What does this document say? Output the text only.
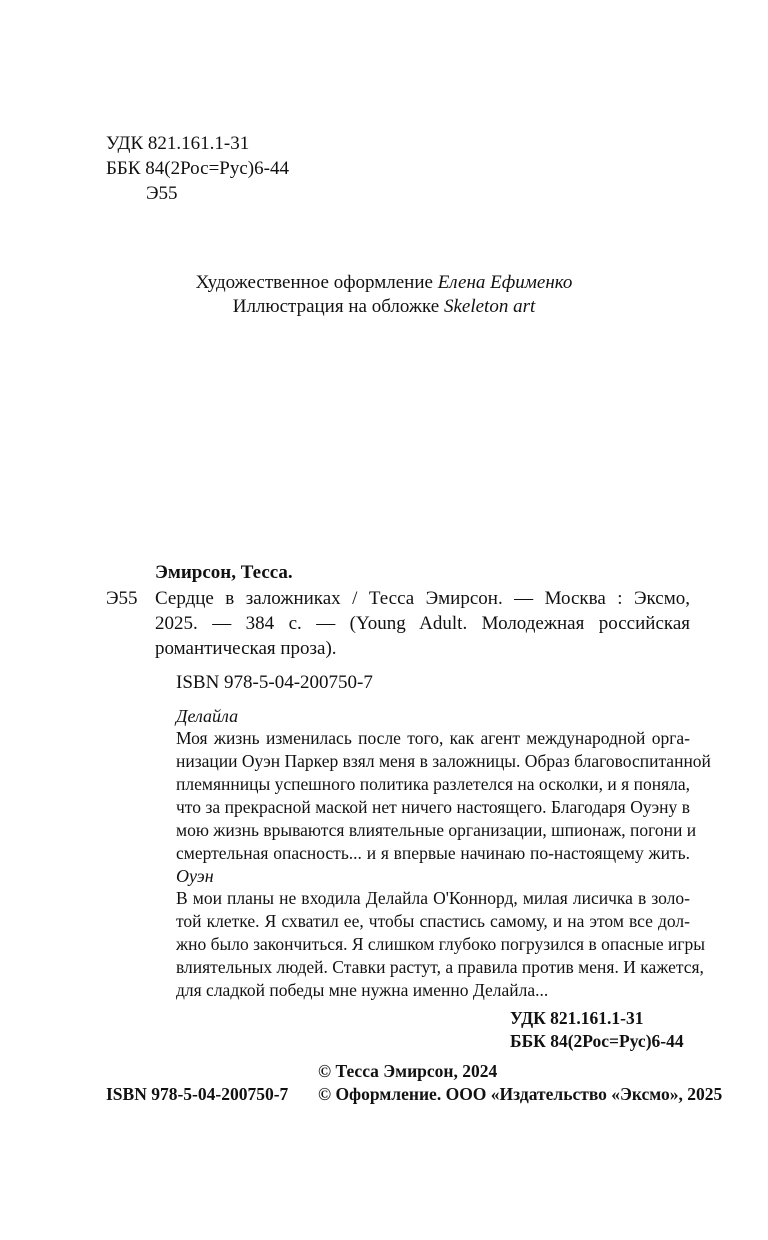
УДК 821.161.1-31
ББК 84(2Рос=Рус)6-44
Э55
Художественное оформление Елена Ефименко
Иллюстрация на обложке Skeleton art
Эмирсон, Тесса.
Э55 Сердце в заложниках / Тесса Эмирсон. — Москва : Эксмо,
2025. — 384 с. — (Young Adult. Молодежная российская
романтическая проза).
ISBN 978-5-04-200750-7
Делайла
Моя жизнь изменилась после того, как агент международной орга-
низации Оуэн Паркер взял меня в заложницы. Образ благовоспитанной
племянницы успешного политика разлетелся на осколки, и я поняла,
что за прекрасной маской нет ничего настоящего. Благодаря Оуэну в
мою жизнь врываются влиятельные организации, шпионаж, погони и
смертельная опасность... и я впервые начинаю по-настоящему жить.
Оуэн
В мои планы не входила Делайла О'Коннорд, милая лисичка в золо-
той клетке. Я схватил ее, чтобы спастись самому, и на этом все дол-
жно было закончиться. Я слишком глубоко погрузился в опасные игры
влиятельных людей. Ставки растут, а правила против меня. И кажется,
для сладкой победы мне нужна именно Делайла...
УДК 821.161.1-31
ББК 84(2Рос=Рус)6-44
© Тесса Эмирсон, 2024
© Оформление. ООО «Издательство «Эксмо», 2025
ISBN 978-5-04-200750-7
